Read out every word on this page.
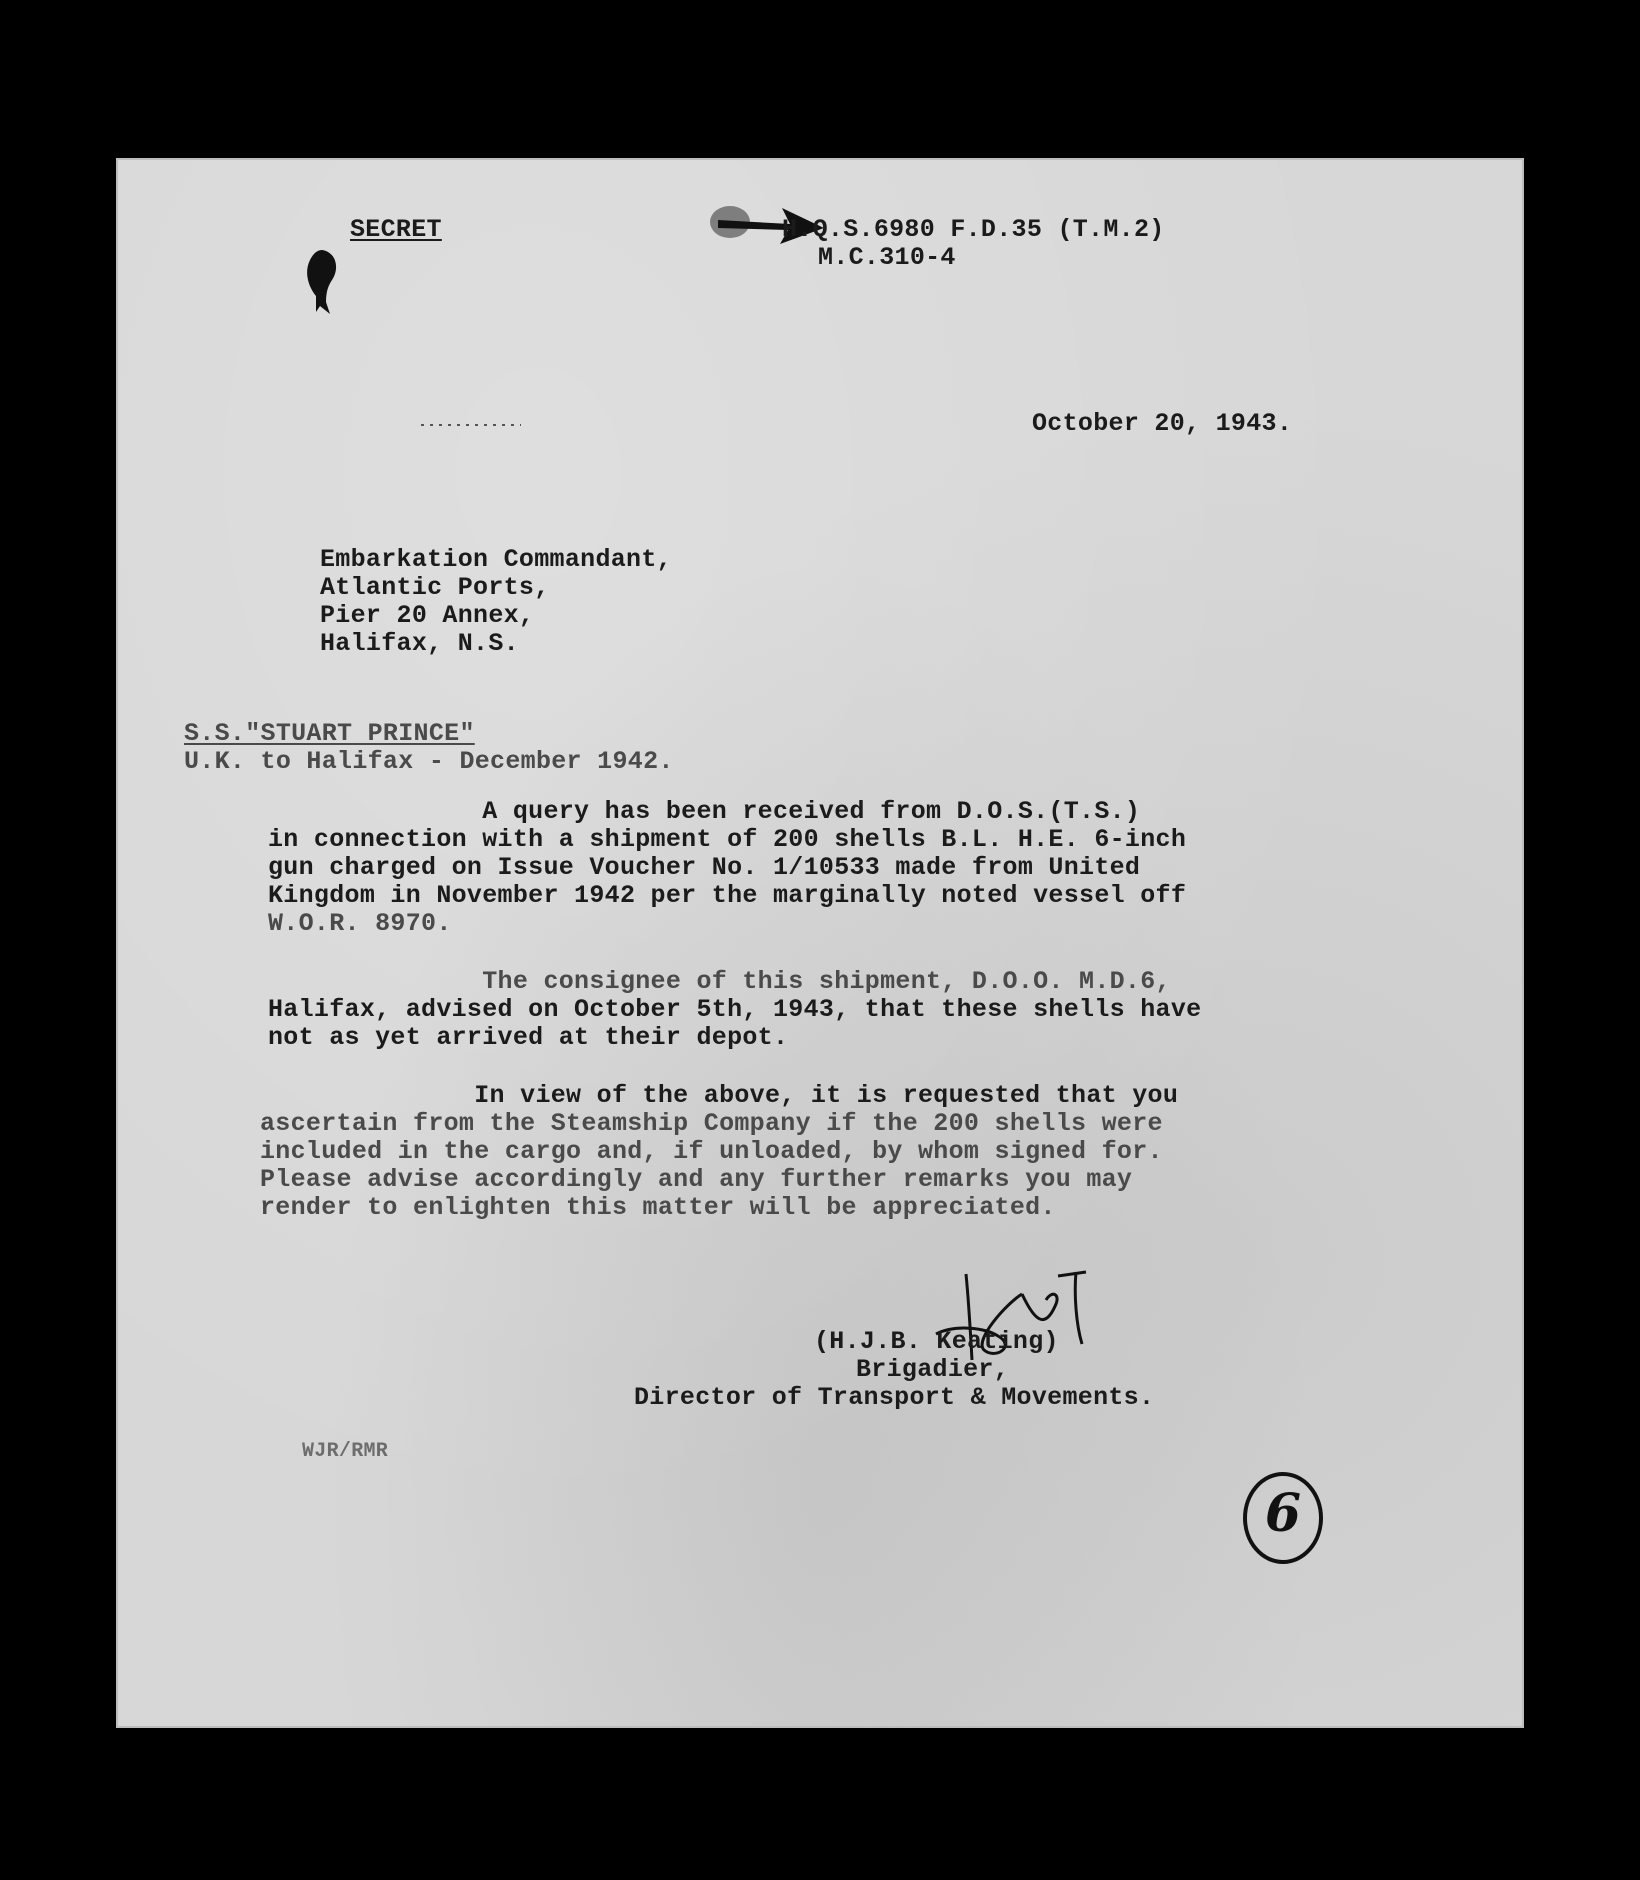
SECRET	H.Q.S.6980 F.D.35 (T.M.2)
M.C.310-4
October 20, 1943.
Embarkation Commandant,
Atlantic Ports,
Pier 20 Annex,
Halifax, N.S.
S.S."STUART PRINCE"
U.K. to Halifax - December 1942.
A query has been received from D.O.S.(T.S.)
in connection with a shipment of 200 shells B.L. H.E. 6-inch
gun charged on Issue Voucher No. 1/10533 made from United
Kingdom in November 1942 per the marginally noted vessel off
W.O.R. 8970.
The consignee of this shipment, D.O.O. M.D.6,
Halifax, advised on October 5th, 1943, that these shells have
not as yet arrived at their depot.
In view of the above, it is requested that you
ascertain from the Steamship Company if the 200 shells were
included in the cargo and, if unloaded, by whom signed for.
Please advise accordingly and any further remarks you may
render to enlighten this matter will be appreciated.
(H.J.B. Keating)
Brigadier,
Director of Transport & Movements.
WJR/RMR
6
